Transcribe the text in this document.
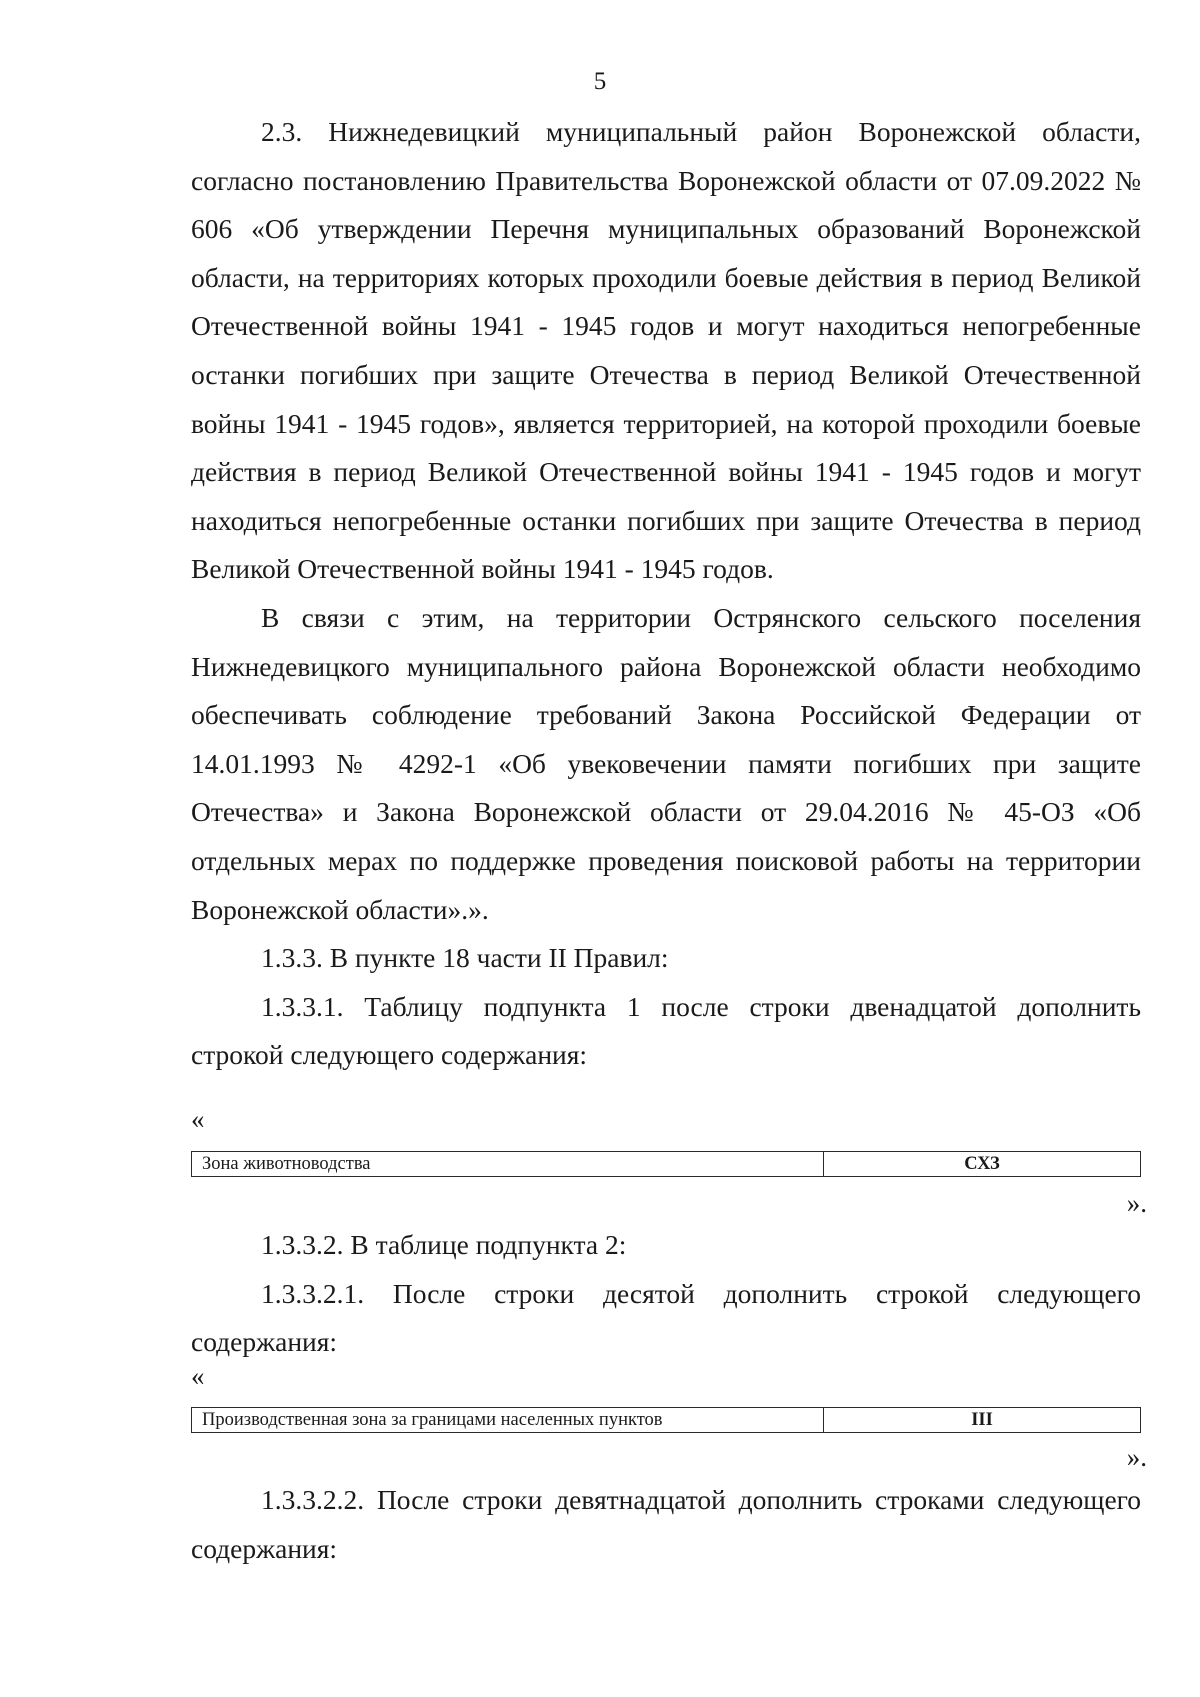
5

2.3. Нижнедевицкий муниципальный район Воронежской области, согласно постановлению Правительства Воронежской области от 07.09.2022 № 606 «Об утверждении Перечня муниципальных образований Воронежской области, на территориях которых проходили боевые действия в период Великой Отечественной войны 1941 - 1945 годов и могут находиться непогребенные останки погибших при защите Отечества в период Великой Отечественной войны 1941 - 1945 годов», является территорией, на которой проходили боевые действия в период Великой Отечественной войны 1941 - 1945 годов и могут находиться непогребенные останки погибших при защите Отечества в период Великой Отечественной войны 1941 - 1945 годов.

В связи с этим, на территории Острянского сельского поселения Нижнедевицкого муниципального района Воронежской области необходимо обеспечивать соблюдение требований Закона Российской Федерации от 14.01.1993 № 4292-1 «Об увековечении памяти погибших при защите Отечества» и Закона Воронежской области от 29.04.2016 № 45-ОЗ «Об отдельных мерах по поддержке проведения поисковой работы на территории Воронежской области».».

1.3.3. В пункте 18 части II Правил:

1.3.3.1. Таблицу подпункта 1 после строки двенадцатой дополнить строкой следующего содержания:

«
Зона животноводства	СХЗ
».

1.3.3.2. В таблице подпункта 2:

1.3.3.2.1. После строки десятой дополнить строкой следующего содержания:

«
Производственная зона за границами населенных пунктов	III
».

1.3.3.2.2. После строки девятнадцатой дополнить строками следующего содержания:
